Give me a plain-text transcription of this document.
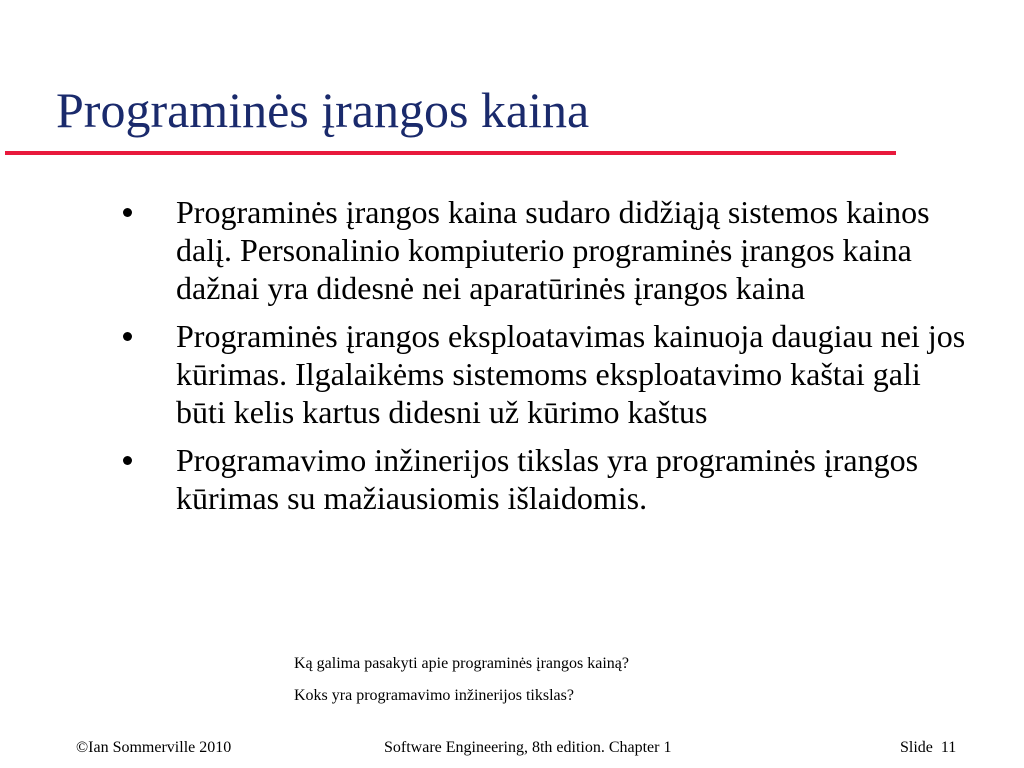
Programinės įrangos kaina
Programinės įrangos kaina sudaro didžiąją sistemos kainos dalį. Personalinio kompiuterio programinės įrangos kaina dažnai yra didesnė nei aparatūrinės įrangos kaina
Programinės įrangos eksploatavimas kainuoja daugiau nei jos kūrimas. Ilgalaikėms sistemoms eksploatavimo kaštai gali būti kelis kartus didesni už kūrimo kaštus
Programavimo inžinerijos tikslas yra programinės įrangos kūrimas su mažiausiomis išlaidomis.
Ką galima pasakyti apie programinės įrangos kainą?
Koks yra programavimo inžinerijos tikslas?
©Ian Sommerville 2010	Software Engineering, 8th edition. Chapter 1	Slide 11
